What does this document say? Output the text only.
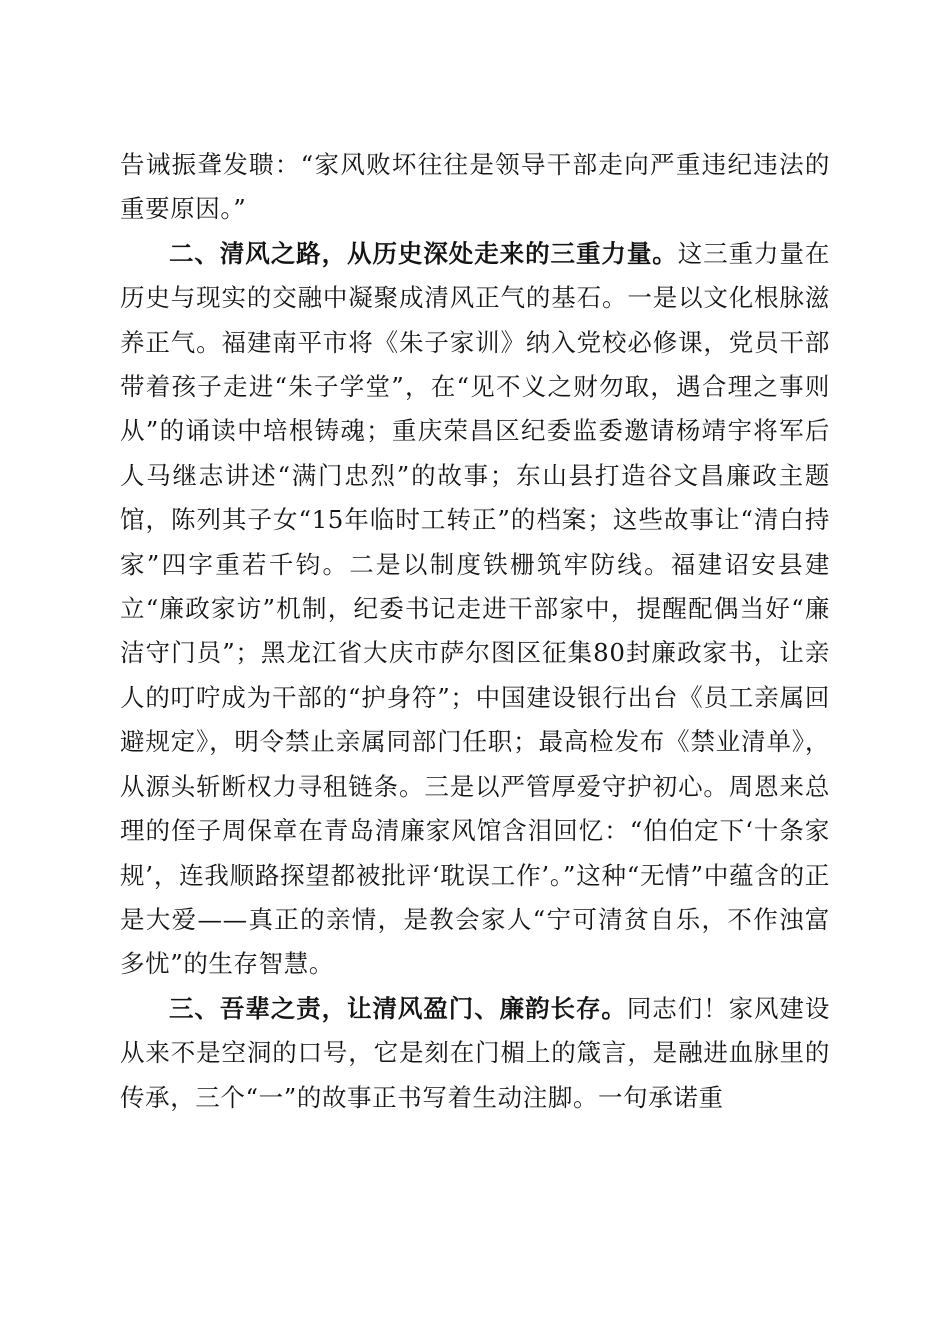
告诫振聋发聩：“家风败坏往往是领导干部走向严重违纪违法的重要原因。”

二、清风之路，从历史深处走来的三重力量。这三重力量在历史与现实的交融中凝聚成清风正气的基石。一是以文化根脉滋养正气。福建南平市将《朱子家训》纳入党校必修课，党员干部带着孩子走进“朱子学堂”，在“见不义之财勿取，遇合理之事则从”的诵读中培根铸魂；重庆荣昌区纪委监委邀请杨靖宇将军后人马继志讲述“满门忠烈”的故事；东山县打造谷文昌廉政主题馆，陈列其子女“15年临时工转正”的档案；这些故事让“清白持家”四字重若千钧。二是以制度铁栅筑牢防线。福建诏安县建立“廉政家访”机制，纪委书记走进干部家中，提醒配偶当好“廉洁守门员”；黑龙江省大庆市萨尔图区征集80封廉政家书，让亲人的叮咛成为干部的“护身符”；中国建设银行出台《员工亲属回避规定》，明令禁止亲属同部门任职；最高检发布《禁业清单》，从源头斩断权力寻租链条。三是以严管厚爱守护初心。周恩来总理的侄子周保章在青岛清廉家风馆含泪回忆：“伯伯定下‘十条家规’，连我顺路探望都被批评‘耽误工作’。”这种“无情”中蕴含的正是大爱——真正的亲情，是教会家人“宁可清贫自乐，不作浊富多忧”的生存智慧。

三、吾辈之责，让清风盈门、廉韵长存。同志们！家风建设从来不是空洞的口号，它是刻在门楣上的箴言，是融进血脉里的传承，三个“一”的故事正书写着生动注脚。一句承诺重
